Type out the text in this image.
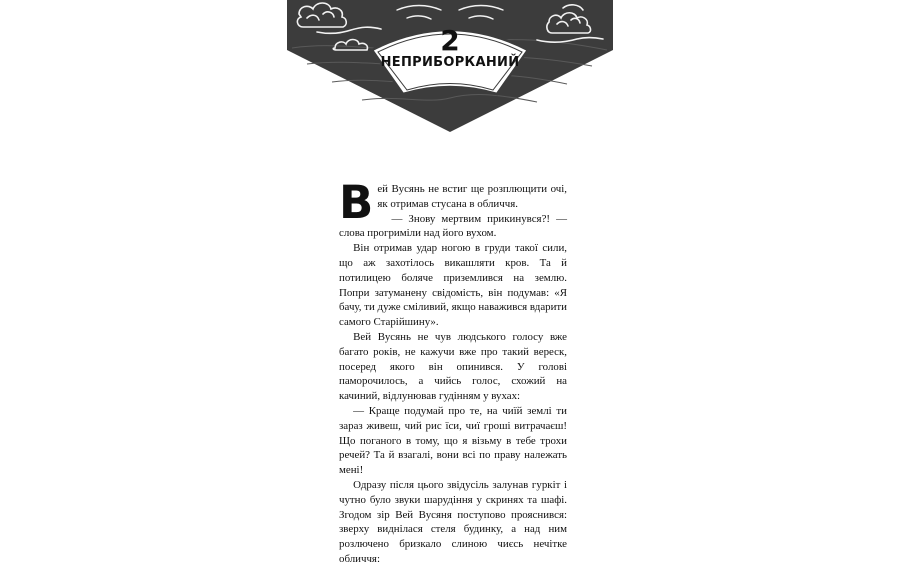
2
НЕПРИБОРКАНИЙ

Вей Вусянь не встиг ще розплющити очі, як отримав стусана в обличчя.

— Знову мертвим прикинувся?! — слова прогриміли над його вухом.

Він отримав удар ногою в груди такої сили, що аж захотілось викашляти кров. Та й потилицею боляче приземлився на землю. Попри затуманену свідомість, він подумав: «Я бачу, ти дуже сміливий, якщо наважився вдарити самого Старійшину».

Вей Вусянь не чув людського голосу вже багато років, не кажучи вже про такий вереск, посеред якого він опинився. У голові паморочилось, а чийсь голос, схожий на качиний, відлунював гудінням у вухах:

— Краще подумай про те, на чиїй землі ти зараз живеш, чий рис їси, чиї гроші витрачаєш! Що поганого в тому, що я візьму в тебе трохи речей? Та й взагалі, вони всі по праву належать мені!

Одразу після цього звідусіль залунав гуркіт і чутно було звуки шарудіння у скринях та шафі. Згодом зір Вей Вусяня поступово прояснився: зверху виднілася стеля будинку, а над ним розлючено бризкало слиною чиєсь нечітке обличчя:
